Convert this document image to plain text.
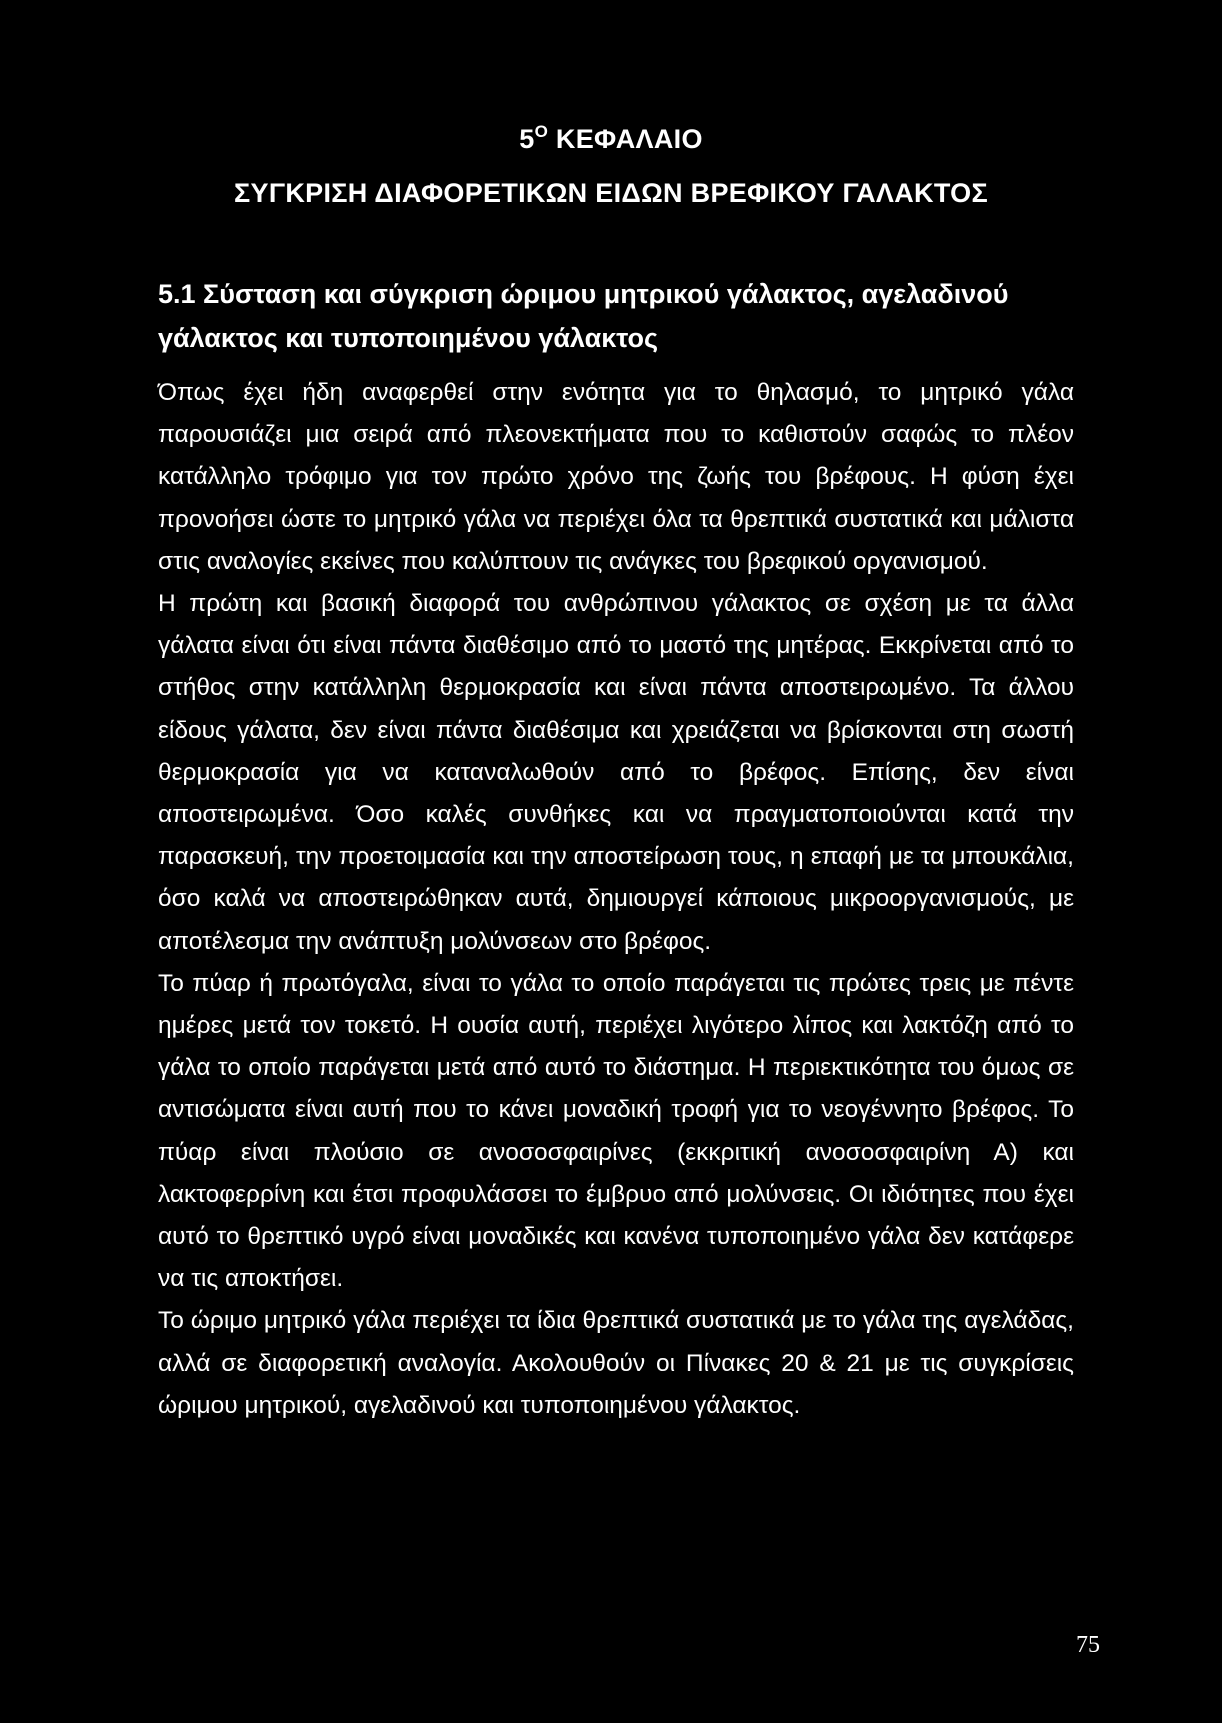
$5^O$ ΚΕΦΑΛΑΙΟ
ΣΥΓΚΡΙΣΗ ΔΙΑΦΟΡΕΤΙΚΩΝ ΕΙΔΩΝ ΒΡΕΦΙΚΟΥ ΓΑΛΑΚΤΟΣ
5.1 Σύσταση και σύγκριση ώριμου μητρικού γάλακτος, αγελαδινού γάλακτος και τυποποιημένου γάλακτος

Όπως έχει ήδη αναφερθεί στην ενότητα για το θηλασμό, το μητρικό γάλα παρουσιάζει μια σειρά από πλεονεκτήματα που το καθιστούν σαφώς το πλέον κατάλληλο τρόφιμο για τον πρώτο χρόνο της ζωής του βρέφους. Η φύση έχει προνοήσει ώστε το μητρικό γάλα να περιέχει όλα τα θρεπτικά συστατικά και μάλιστα στις αναλογίες εκείνες που καλύπτουν τις ανάγκες του βρεφικού οργανισμού.

Η πρώτη και βασική διαφορά του ανθρώπινου γάλακτος σε σχέση με τα άλλα γάλατα είναι ότι είναι πάντα διαθέσιμο από το μαστό της μητέρας. Εκκρίνεται από το στήθος στην κατάλληλη θερμοκρασία και είναι πάντα αποστειρωμένο. Τα άλλου είδους γάλατα, δεν είναι πάντα διαθέσιμα και χρειάζεται να βρίσκονται στη σωστή θερμοκρασία για να καταναλωθούν από το βρέφος. Επίσης, δεν είναι αποστειρωμένα. Όσο καλές συνθήκες και να πραγματοποιούνται κατά την παρασκευή, την προετοιμασία και την αποστείρωση τους, η επαφή με τα μπουκάλια, όσο καλά να αποστειρώθηκαν αυτά, δημιουργεί κάποιους μικροοργανισμούς, με αποτέλεσμα την ανάπτυξη μολύνσεων στο βρέφος.

Το πύαρ ή πρωτόγαλα, είναι το γάλα το οποίο παράγεται τις πρώτες τρεις με πέντε ημέρες μετά τον τοκετό. Η ουσία αυτή, περιέχει λιγότερο λίπος και λακτόζη από το γάλα το οποίο παράγεται μετά από αυτό το διάστημα. Η περιεκτικότητα του όμως σε αντισώματα είναι αυτή που το κάνει μοναδική τροφή για το νεογέννητο βρέφος. Το πύαρ είναι πλούσιο σε ανοσοσφαιρίνες (εκκριτική ανοσοσφαιρίνη Α) και λακτοφερρίνη και έτσι προφυλάσσει το έμβρυο από μολύνσεις. Οι ιδιότητες που έχει αυτό το θρεπτικό υγρό είναι μοναδικές και κανένα τυποποιημένο γάλα δεν κατάφερε να τις αποκτήσει.

Το ώριμο μητρικό γάλα περιέχει τα ίδια θρεπτικά συστατικά με το γάλα της αγελάδας, αλλά σε διαφορετική αναλογία. Ακολουθούν οι Πίνακες 20 & 21 με τις συγκρίσεις ώριμου μητρικού, αγελαδινού και τυποποιημένου γάλακτος.

75
